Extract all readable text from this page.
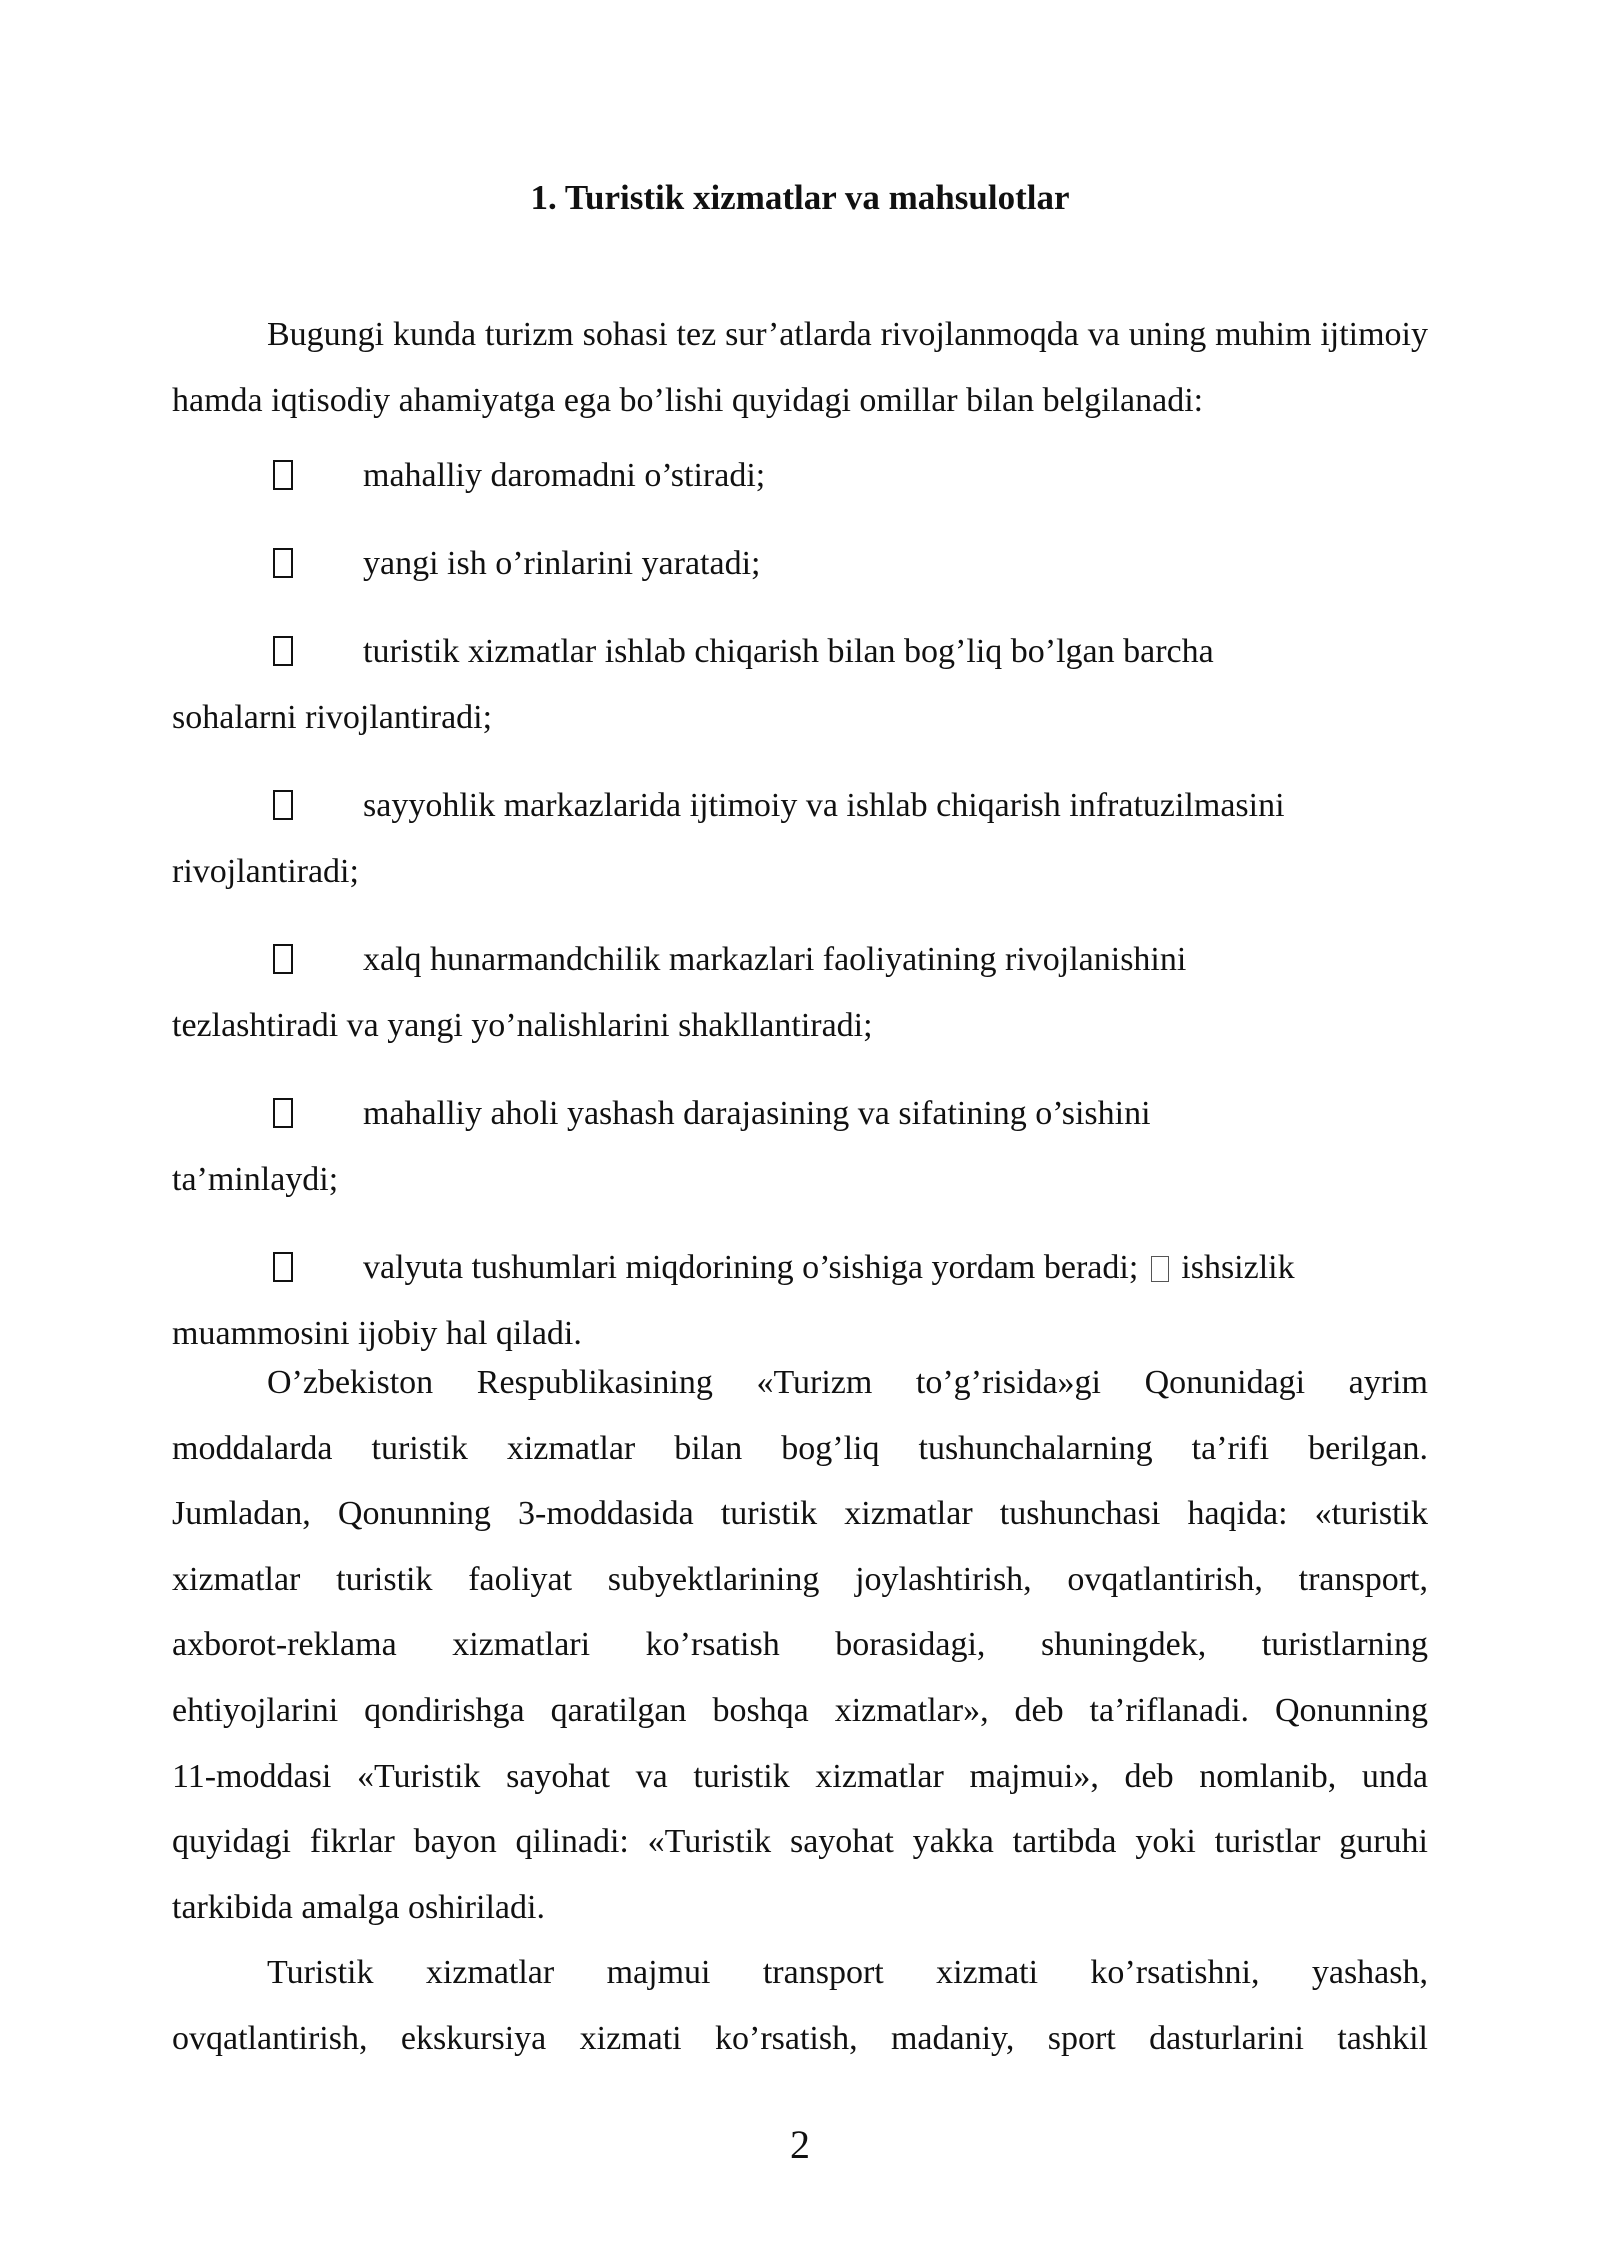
1. Turistik xizmatlar va mahsulotlar
Bugungi kunda turizm sohasi tez sur’atlarda rivojlanmoqda va uning muhim ijtimoiy hamda iqtisodiy ahamiyatga ega bo’lishi quyidagi omillar bilan belgilanadi:
mahalliy daromadni o’stiradi;
yangi ish o’rinlarini yaratadi;
turistik xizmatlar ishlab chiqarish bilan bog’liq bo’lgan barcha
sohalarni rivojlantiradi;
sayyohlik markazlarida ijtimoiy va ishlab chiqarish infratuzilmasini
rivojlantiradi;
xalq hunarmandchilik markazlari faoliyatining rivojlanishini
tezlashtiradi va yangi yo’nalishlarini shakllantiradi;
mahalliy aholi yashash darajasining va sifatining o’sishini
ta’minlaydi;
valyuta tushumlari miqdorining o’sishiga yordam beradi; ishsizlik
muammosini ijobiy hal qiladi.

O’zbekiston Respublikasining «Turizm to’g’risida»gi Qonunidagi ayrim
moddalarda turistik xizmatlar bilan bog’liq tushunchalarning ta’rifi berilgan.
Jumladan, Qonunning 3-moddasida turistik xizmatlar tushunchasi haqida: «turistik
xizmatlar turistik faoliyat subyektlarining joylashtirish, ovqatlantirish, transport,
axborot-reklama xizmatlari ko’rsatish borasidagi, shuningdek, turistlarning
ehtiyojlarini qondirishga qaratilgan boshqa xizmatlar», deb ta’riflanadi. Qonunning
11-moddasi «Turistik sayohat va turistik xizmatlar majmui», deb nomlanib, unda
quyidagi fikrlar bayon qilinadi: «Turistik sayohat yakka tartibda yoki turistlar guruhi
tarkibida amalga oshiriladi.

Turistik xizmatlar majmui transport xizmati ko’rsatishni, yashash,
ovqatlantirish, ekskursiya xizmati ko’rsatish, madaniy, sport dasturlarini tashkil

2
